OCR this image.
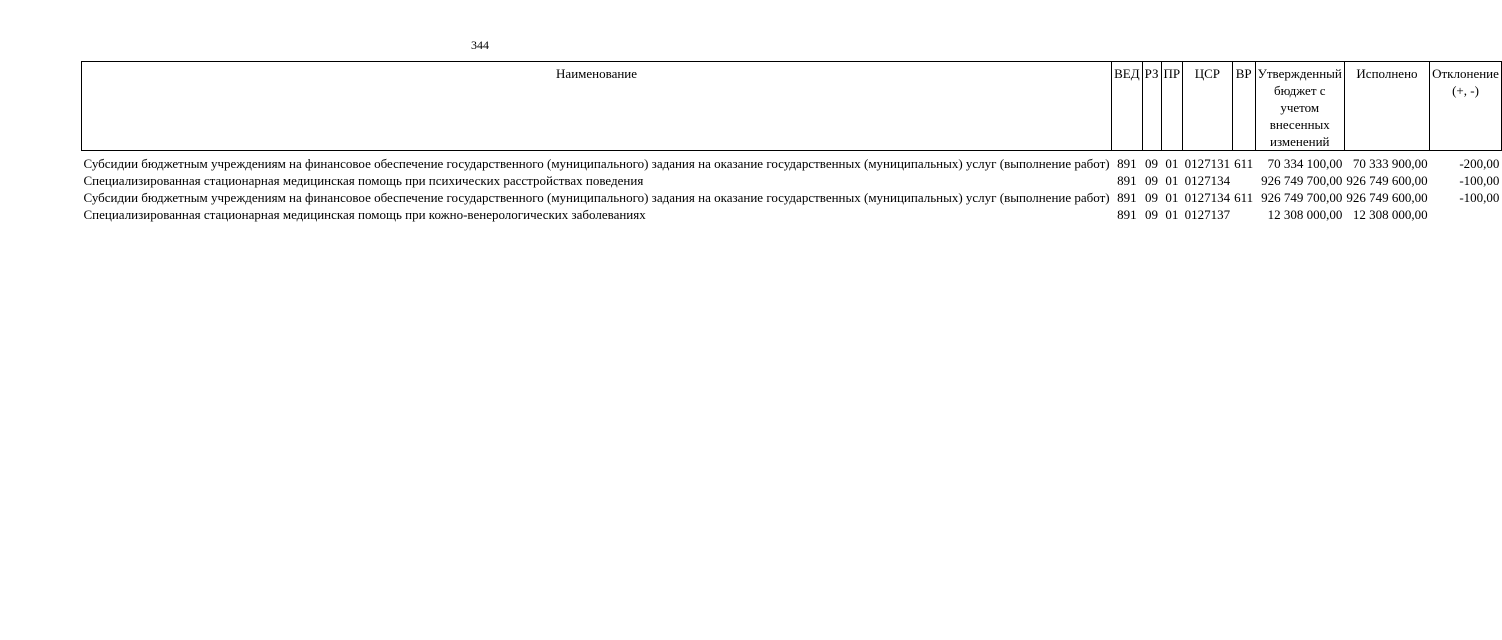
344
Наименование	ВЕД	РЗ	ПР	ЦСР	ВР	Утвержденный бюджет с учетом внесенных изменений	Исполнено	Отклонение (+, -)
Субсидии бюджетным учреждениям на финансовое обеспечение государственного (муниципального) задания на оказание государственных (муниципальных) услуг (выполнение работ)	891	09	01	0127131	611	70 334 100,00	70 333 900,00	-200,00
Специализированная стационарная медицинская помощь при психических расстройствах поведения	891	09	01	0127134		926 749 700,00	926 749 600,00	-100,00
Субсидии бюджетным учреждениям на финансовое обеспечение государственного (муниципального) задания на оказание государственных (муниципальных) услуг (выполнение работ)	891	09	01	0127134	611	926 749 700,00	926 749 600,00	-100,00
Специализированная стационарная медицинская помощь при кожно-венерологических заболеваниях	891	09	01	0127137		12 308 000,00	12 308 000,00	
